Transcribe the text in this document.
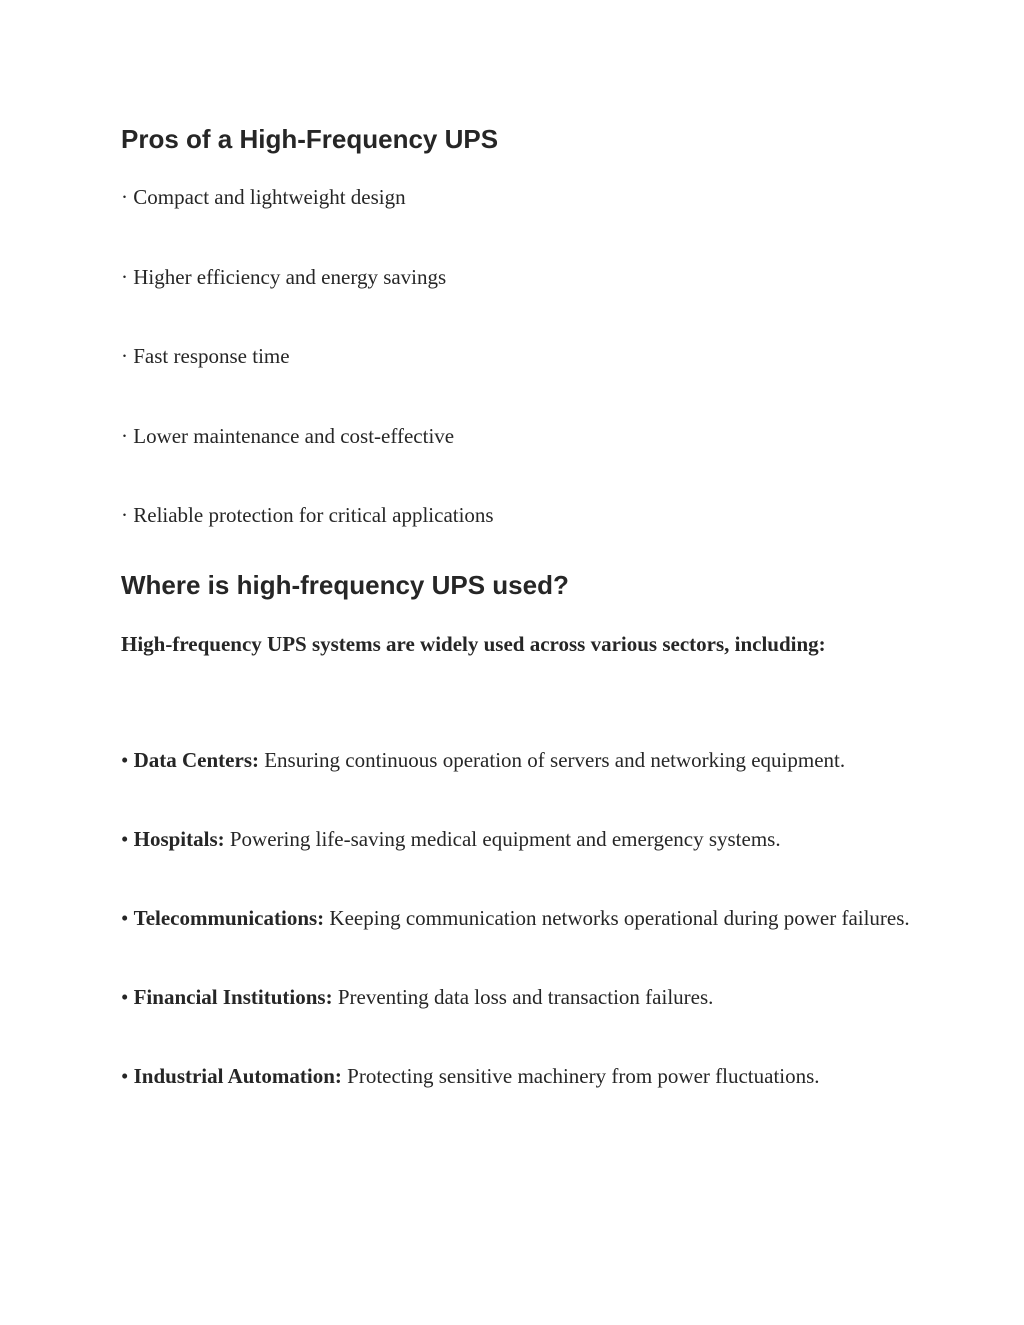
Pros of a High-Frequency UPS
· Compact and lightweight design
· Higher efficiency and energy savings
· Fast response time
· Lower maintenance and cost-effective
· Reliable protection for critical applications
Where is high-frequency UPS used?

High-frequency UPS systems are widely used across various sectors, including:

• Data Centers: Ensuring continuous operation of servers and networking equipment.
• Hospitals: Powering life-saving medical equipment and emergency systems.
• Telecommunications: Keeping communication networks operational during power failures.
• Financial Institutions: Preventing data loss and transaction failures.
• Industrial Automation: Protecting sensitive machinery from power fluctuations.
